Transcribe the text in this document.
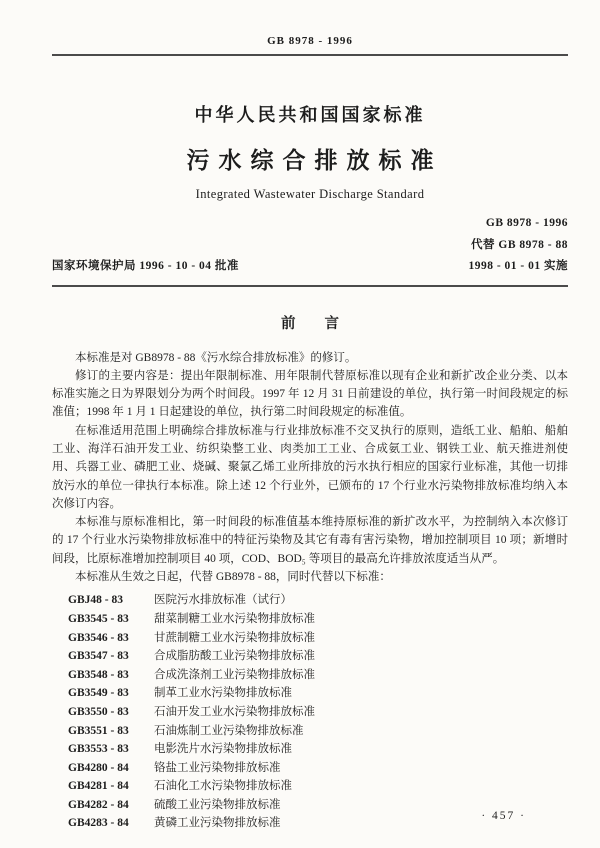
GB 8978 - 1996
中华人民共和国国家标准
污水综合排放标准
Integrated Wastewater Discharge Standard
国家环境保护局 1996 - 10 - 04 批准
GB 8978 - 1996
代替 GB 8978 - 88
1998 - 01 - 01 实施
前　　言

本标准是对 GB8978 - 88《污水综合排放标准》的修订。

修订的主要内容是：提出年限制标准、用年限制代替原标准以现有企业和新扩改企业分类、以本标准实施之日为界限划分为两个时间段。1997 年 12 月 31 日前建设的单位，执行第一时间段规定的标准值；1998 年 1 月 1 日起建设的单位，执行第二时间段规定的标准值。

在标准适用范围上明确综合排放标准与行业排放标准不交叉执行的原则，造纸工业、船舶、船舶工业、海洋石油开发工业、纺织染整工业、肉类加工工业、合成氨工业、钢铁工业、航天推进剂使用、兵器工业、磷肥工业、烧碱、聚氯乙烯工业所排放的污水执行相应的国家行业标准，其他一切排放污水的单位一律执行本标准。除上述 12 个行业外，已颁布的 17 个行业水污染物排放标准均纳入本次修订内容。

本标准与原标准相比，第一时间段的标准值基本维持原标准的新扩改水平，为控制纳入本次修订的 17 个行业水污染物排放标准中的特征污染物及其它有毒有害污染物，增加控制项目 10 项；新增时间段，比原标准增加控制项目 40 项，COD、BOD₅ 等项目的最高允许排放浓度适当从严。

本标准从生效之日起，代替 GB8978 - 88，同时代替以下标准：

GBJ48 - 83	医院污水排放标准（试行）
GB3545 - 83	甜菜制糖工业水污染物排放标准
GB3546 - 83	甘蔗制糖工业水污染物排放标准
GB3547 - 83	合成脂肪酸工业污染物排放标准
GB3548 - 83	合成洗涤剂工业污染物排放标准
GB3549 - 83	制革工业水污染物排放标准
GB3550 - 83	石油开发工业水污染物排放标准
GB3551 - 83	石油炼制工业污染物排放标准
GB3553 - 83	电影洗片水污染物排放标准
GB4280 - 84	铬盐工业污染物排放标准
GB4281 - 84	石油化工水污染物排放标准
GB4282 - 84	硫酸工业污染物排放标准
GB4283 - 84	黄磷工业污染物排放标准
· 457 ·
